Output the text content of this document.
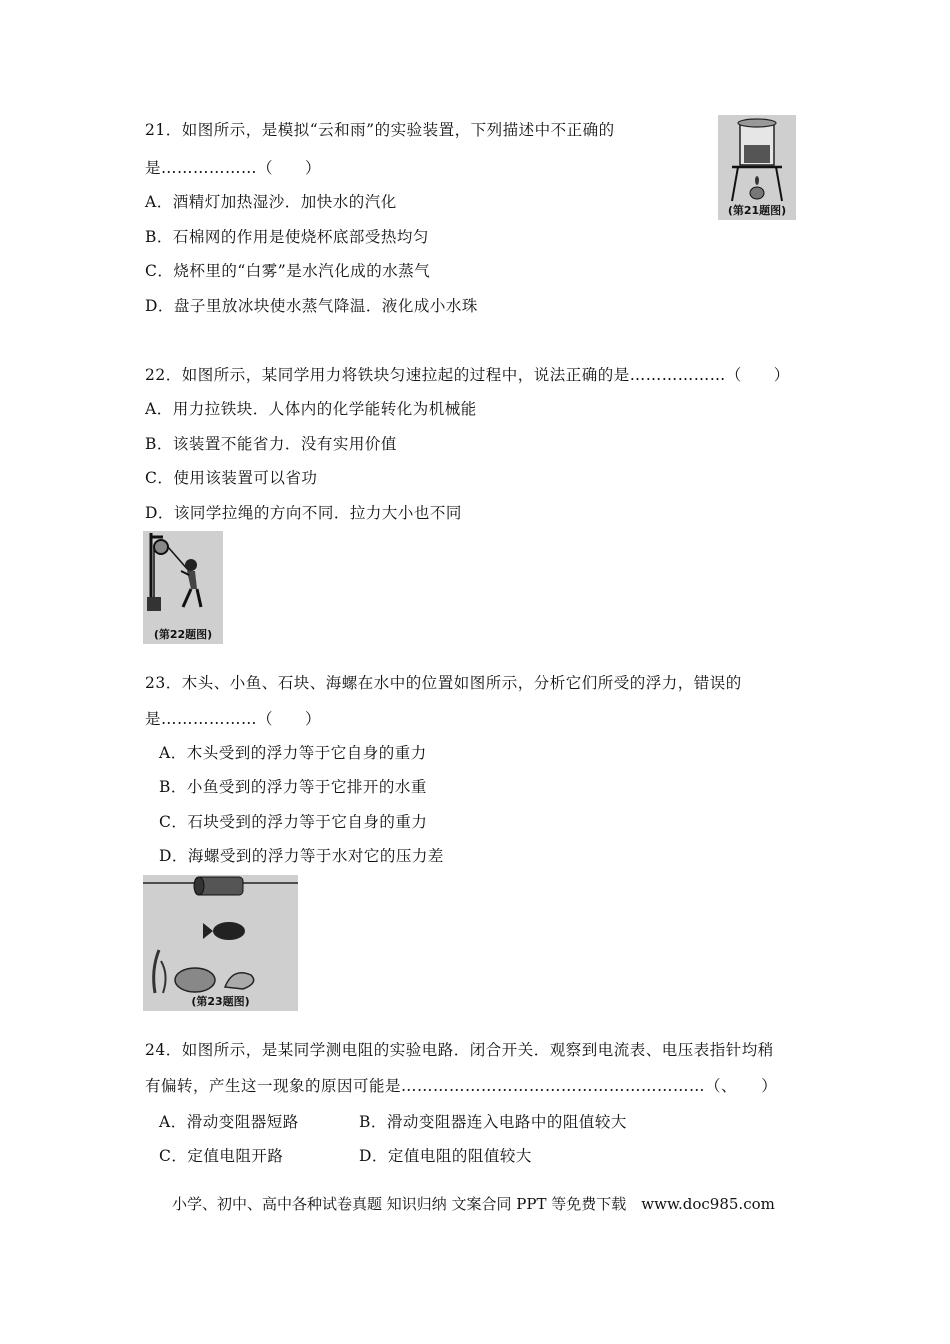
21．如图所示，是模拟“云和雨”的实验装置，下列描述中不正确的
是………………（　　）
A．酒精灯加热湿沙．加快水的汽化
B．石棉网的作用是使烧杯底部受热均匀
C．烧杯里的“白雾”是水汽化成的水蒸气
D．盘子里放冰块使水蒸气降温．液化成小水珠
(第21题图)
22．如图所示，某同学用力将铁块匀速拉起的过程中，说法正确的是………………（　　）
A．用力拉铁块．人体内的化学能转化为机械能
B．该装置不能省力．没有实用价值
C．使用该装置可以省功
D．该同学拉绳的方向不同．拉力大小也不同
(第22题图)
23．木头、小鱼、石块、海螺在水中的位置如图所示，分析它们所受的浮力，错误的
是………………（　　）
A．木头受到的浮力等于它自身的重力
B．小鱼受到的浮力等于它排开的水重
C．石块受到的浮力等于它自身的重力
D．海螺受到的浮力等于水对它的压力差
(第23题图)
24．如图所示，是某同学测电阻的实验电路．闭合开关．观察到电流表、电压表指针均稍
有偏转，产生这一现象的原因可能是…………………………………………………（、　　）
A．滑动变阻器短路	B．滑动变阻器连入电路中的阻值较大
C．定值电阻开路	D．定值电阻的阻值较大
小学、初中、高中各种试卷真题 知识归纳 文案合同 PPT 等免费下载　www.doc985.com
